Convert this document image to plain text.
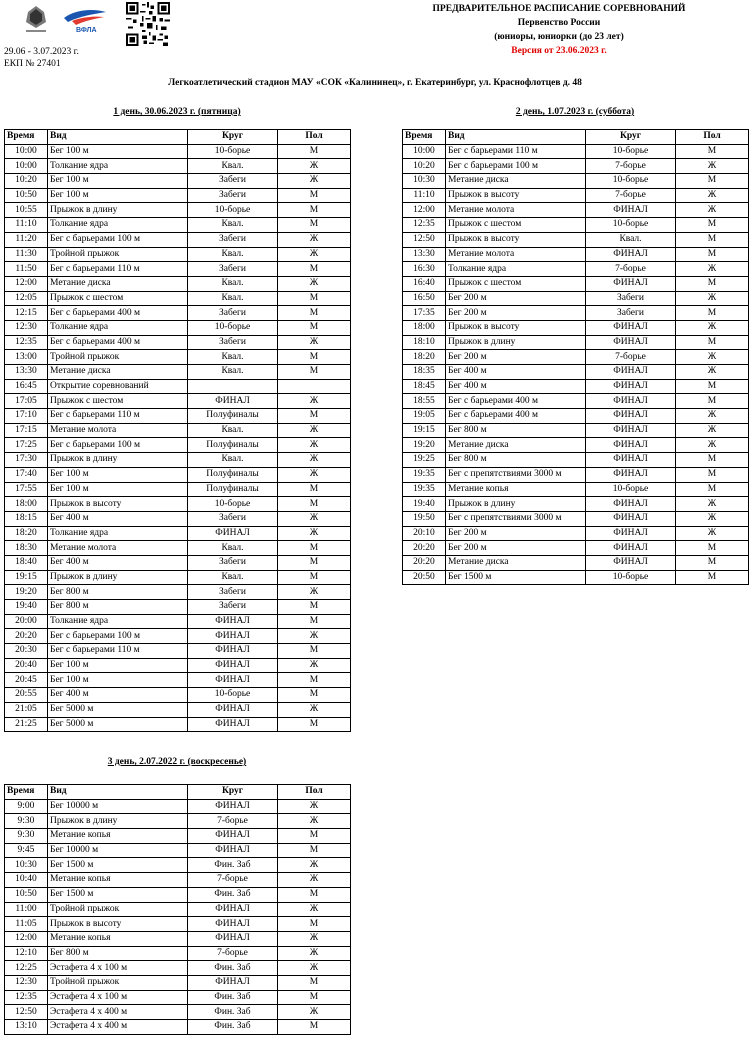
ВФЛА
29.06 - 3.07.2023 г.
ЕКП № 27401
ПРЕДВАРИТЕЛЬНОЕ РАСПИСАНИЕ СОРЕВНОВАНИЙ
Первенство России
(юниоры, юниорки (до 23 лет)
Версия от 23.06.2023 г.
Легкоатлетический стадион МАУ «СОК «Калининец», г. Екатеринбург, ул. Краснофлотцев д. 48
1 день, 30.06.2023 г. (пятница)	2 день, 1.07.2023 г. (суббота)
3 день, 2.07.2022 г. (воскресенье)
Время	Вид	Круг	Пол
10:00	Бег 100 м	10-борье	М
10:00	Толкание ядра	Квал.	Ж
10:20	Бег 100 м	Забеги	Ж
10:50	Бег 100 м	Забеги	М
10:55	Прыжок в длину	10-борье	М
11:10	Толкание ядра	Квал.	М
11:20	Бег с барьерами 100 м	Забеги	Ж
11:30	Тройной прыжок	Квал.	Ж
11:50	Бег с барьерами 110 м	Забеги	М
12:00	Метание диска	Квал.	Ж
12:05	Прыжок с шестом	Квал.	М
12:15	Бег с барьерами 400 м	Забеги	М
12:30	Толкание ядра	10-борье	М
12:35	Бег с барьерами 400 м	Забеги	Ж
13:00	Тройной прыжок	Квал.	М
13:30	Метание диска	Квал.	М
16:45	Открытие соревнований		
17:05	Прыжок с шестом	ФИНАЛ	Ж
17:10	Бег с барьерами 110 м	Полуфиналы	М
17:15	Метание молота	Квал.	Ж
17:25	Бег с барьерами 100 м	Полуфиналы	Ж
17:30	Прыжок в длину	Квал.	Ж
17:40	Бег 100 м	Полуфиналы	Ж
17:55	Бег 100 м	Полуфиналы	М
18:00	Прыжок в высоту	10-борье	М
18:15	Бег 400 м	Забеги	Ж
18:20	Толкание ядра	ФИНАЛ	Ж
18:30	Метание молота	Квал.	М
18:40	Бег 400 м	Забеги	М
19:15	Прыжок в длину	Квал.	М
19:20	Бег 800 м	Забеги	Ж
19:40	Бег 800 м	Забеги	М
20:00	Толкание ядра	ФИНАЛ	М
20:20	Бег с барьерами 100 м	ФИНАЛ	Ж
20:30	Бег с барьерами 110 м	ФИНАЛ	М
20:40	Бег 100 м	ФИНАЛ	Ж
20:45	Бег 100 м	ФИНАЛ	М
20:55	Бег 400 м	10-борье	М
21:05	Бег 5000 м	ФИНАЛ	Ж
21:25	Бег 5000 м	ФИНАЛ	М
Время	Вид	Круг	Пол
10:00	Бег с барьерами 110 м	10-борье	М
10:20	Бег с барьерами 100 м	7-борье	Ж
10:30	Метание диска	10-борье	М
11:10	Прыжок в высоту	7-борье	Ж
12:00	Метание молота	ФИНАЛ	Ж
12:35	Прыжок с шестом	10-борье	М
12:50	Прыжок в высоту	Квал.	М
13:30	Метание молота	ФИНАЛ	М
16:30	Толкание ядра	7-борье	Ж
16:40	Прыжок с шестом	ФИНАЛ	М
16:50	Бег 200 м	Забеги	Ж
17:35	Бег 200 м	Забеги	М
18:00	Прыжок в высоту	ФИНАЛ	Ж
18:10	Прыжок в длину	ФИНАЛ	М
18:20	Бег 200 м	7-борье	Ж
18:35	Бег 400 м	ФИНАЛ	Ж
18:45	Бег 400 м	ФИНАЛ	М
18:55	Бег с барьерами 400 м	ФИНАЛ	М
19:05	Бег с барьерами 400 м	ФИНАЛ	Ж
19:15	Бег 800 м	ФИНАЛ	Ж
19:20	Метание диска	ФИНАЛ	Ж
19:25	Бег 800 м	ФИНАЛ	М
19:35	Бег с препятствиями 3000 м	ФИНАЛ	М
19:35	Метание копья	10-борье	М
19:40	Прыжок в длину	ФИНАЛ	Ж
19:50	Бег с препятствиями 3000 м	ФИНАЛ	Ж
20:10	Бег 200 м	ФИНАЛ	Ж
20:20	Бег 200 м	ФИНАЛ	М
20:20	Метание диска	ФИНАЛ	М
20:50	Бег 1500 м	10-борье	М
Время	Вид	Круг	Пол
9:00	Бег 10000 м	ФИНАЛ	Ж
9:30	Прыжок в длину	7-борье	Ж
9:30	Метание копья	ФИНАЛ	М
9:45	Бег 10000 м	ФИНАЛ	М
10:30	Бег 1500 м	Фин. Заб	Ж
10:40	Метание копья	7-борье	Ж
10:50	Бег 1500 м	Фин. Заб	М
11:00	Тройной прыжок	ФИНАЛ	Ж
11:05	Прыжок в высоту	ФИНАЛ	М
12:00	Метание копья	ФИНАЛ	Ж
12:10	Бег 800 м	7-борье	Ж
12:25	Эстафета 4 х 100 м	Фин. Заб	Ж
12:30	Тройной прыжок	ФИНАЛ	М
12:35	Эстафета 4 х 100 м	Фин. Заб	М
12:50	Эстафета 4 х 400 м	Фин. Заб	Ж
13:10	Эстафета 4 х 400 м	Фин. Заб	М
